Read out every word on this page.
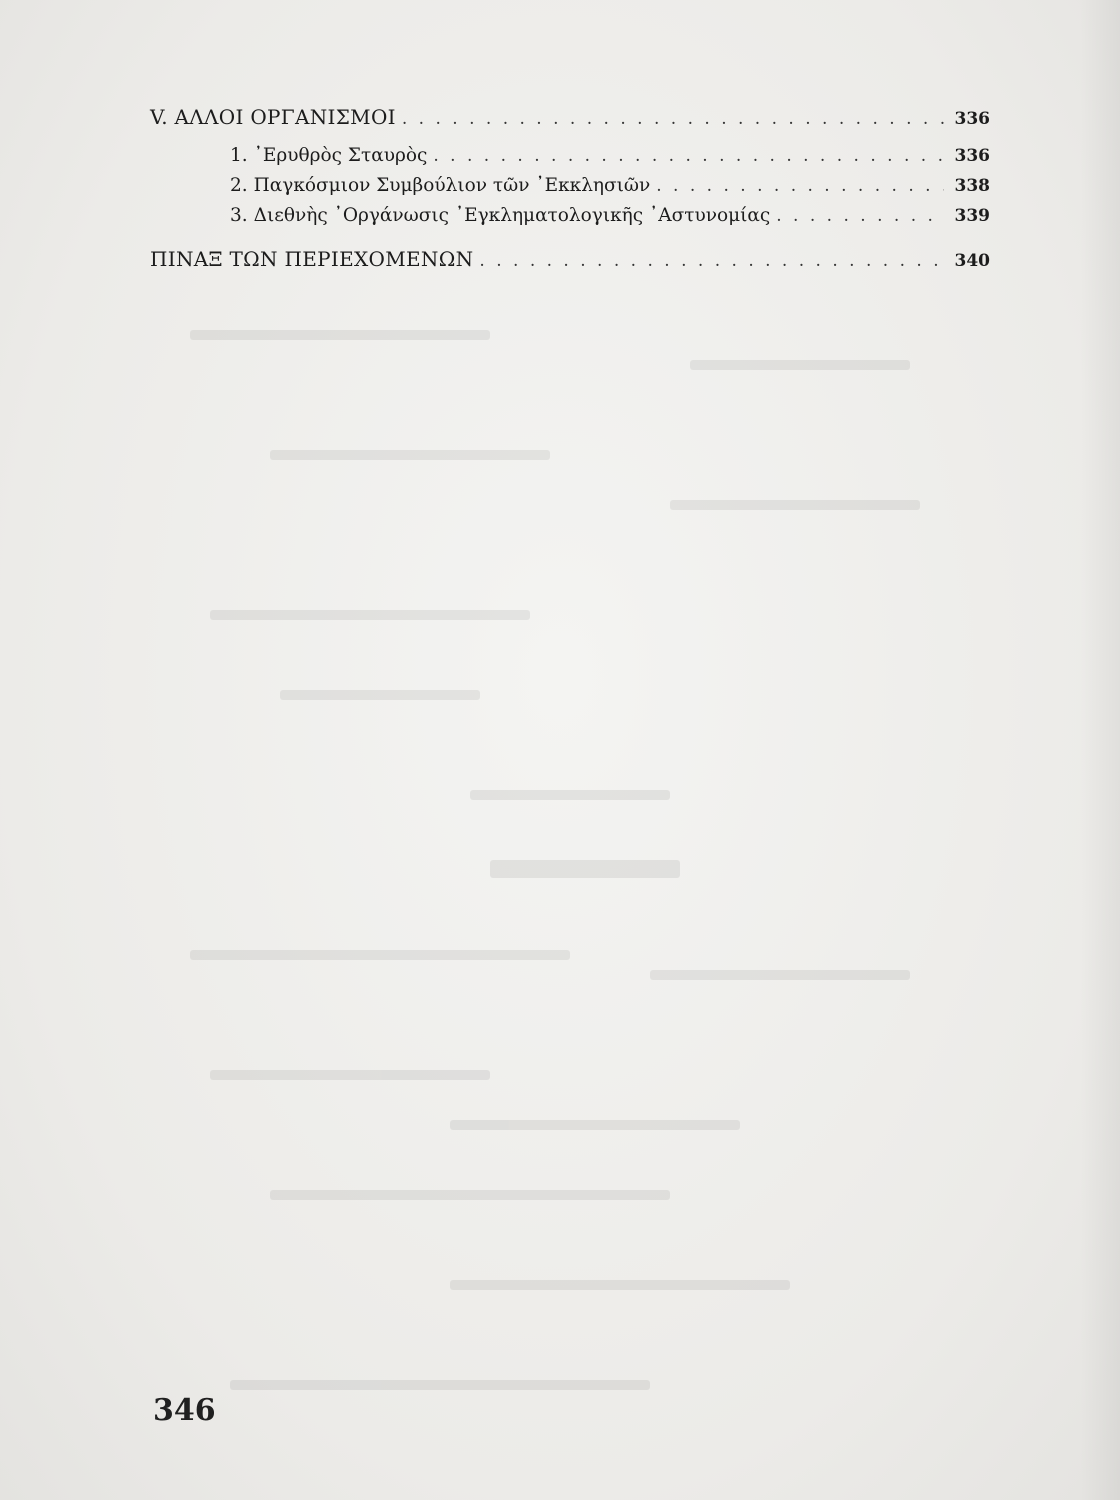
V. ΑΛΛΟΙ ΟΡΓΑΝΙΣΜΟΙ . . .	336
1. ᾿Ερυθρὸς Σταυρὸς . . .	336
2. Παγκόσμιον Συμβούλιον τῶν ᾿Εκκλησιῶν . . .	338
3. Διεθνὴς ᾿Οργάνωσις ᾿Εγκληματολογικῆς ᾿Αστυνομίας . . .	339
ΠΙΝΑΞ ΤΩΝ ΠΕΡΙΕΧΟΜΕΝΩΝ . . .	340
346
